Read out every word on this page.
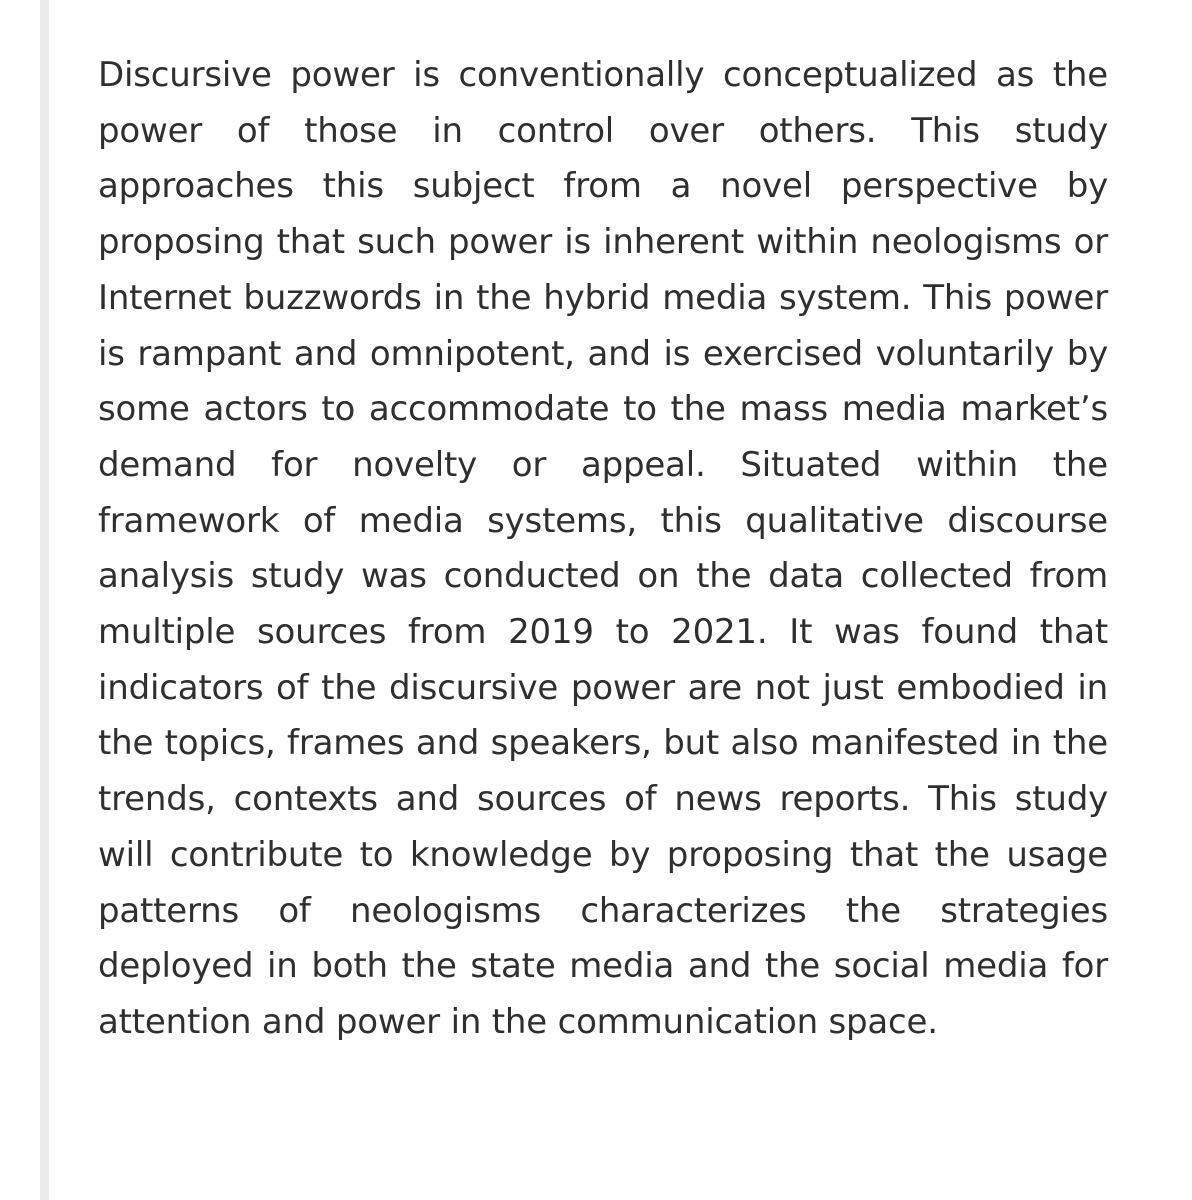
Discursive power is conventionally conceptualized as the power of those in control over others. This study approaches this subject from a novel perspective by proposing that such power is inherent within neologisms or Internet buzzwords in the hybrid media system. This power is rampant and omnipotent, and is exercised voluntarily by some actors to accommodate to the mass media market’s demand for novelty or appeal. Situated within the framework of media systems, this qualitative discourse analysis study was conducted on the data collected from multiple sources from 2019 to 2021. It was found that indicators of the discursive power are not just embodied in the topics, frames and speakers, but also manifested in the trends, contexts and sources of news reports. This study will contribute to knowledge by proposing that the usage patterns of neologisms characterizes the strategies deployed in both the state media and the social media for attention and power in the communication space.
